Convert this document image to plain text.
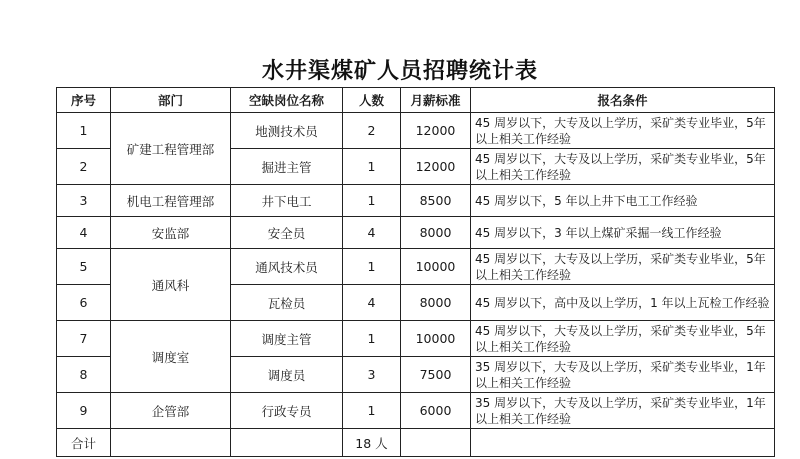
水井渠煤矿人员招聘统计表
序号	部门	空缺岗位名称	人数	月薪标准	报名条件
1	矿建工程管理部	地测技术员	2	12000	45 周岁以下，大专及以上学历，采矿类专业毕业，5年以上相关工作经验
2		掘进主管	1	12000	45 周岁以下，大专及以上学历，采矿类专业毕业，5年以上相关工作经验
3	机电工程管理部	井下电工	1	8500	45 周岁以下，5 年以上井下电工工作经验
4	安监部	安全员	4	8000	45 周岁以下，3 年以上煤矿采掘一线工作经验
5	通风科	通风技术员	1	10000	45 周岁以下，大专及以上学历，采矿类专业毕业，5年以上相关工作经验
6		瓦检员	4	8000	45 周岁以下，高中及以上学历，1 年以上瓦检工作经验
7	调度室	调度主管	1	10000	45 周岁以下，大专及以上学历，采矿类专业毕业，5年以上相关工作经验
8		调度员	3	7500	35 周岁以下，大专及以上学历，采矿类专业毕业，1年以上相关工作经验
9	企管部	行政专员	1	6000	35 周岁以下，大专及以上学历，采矿类专业毕业，1年以上相关工作经验
合计			18 人		
